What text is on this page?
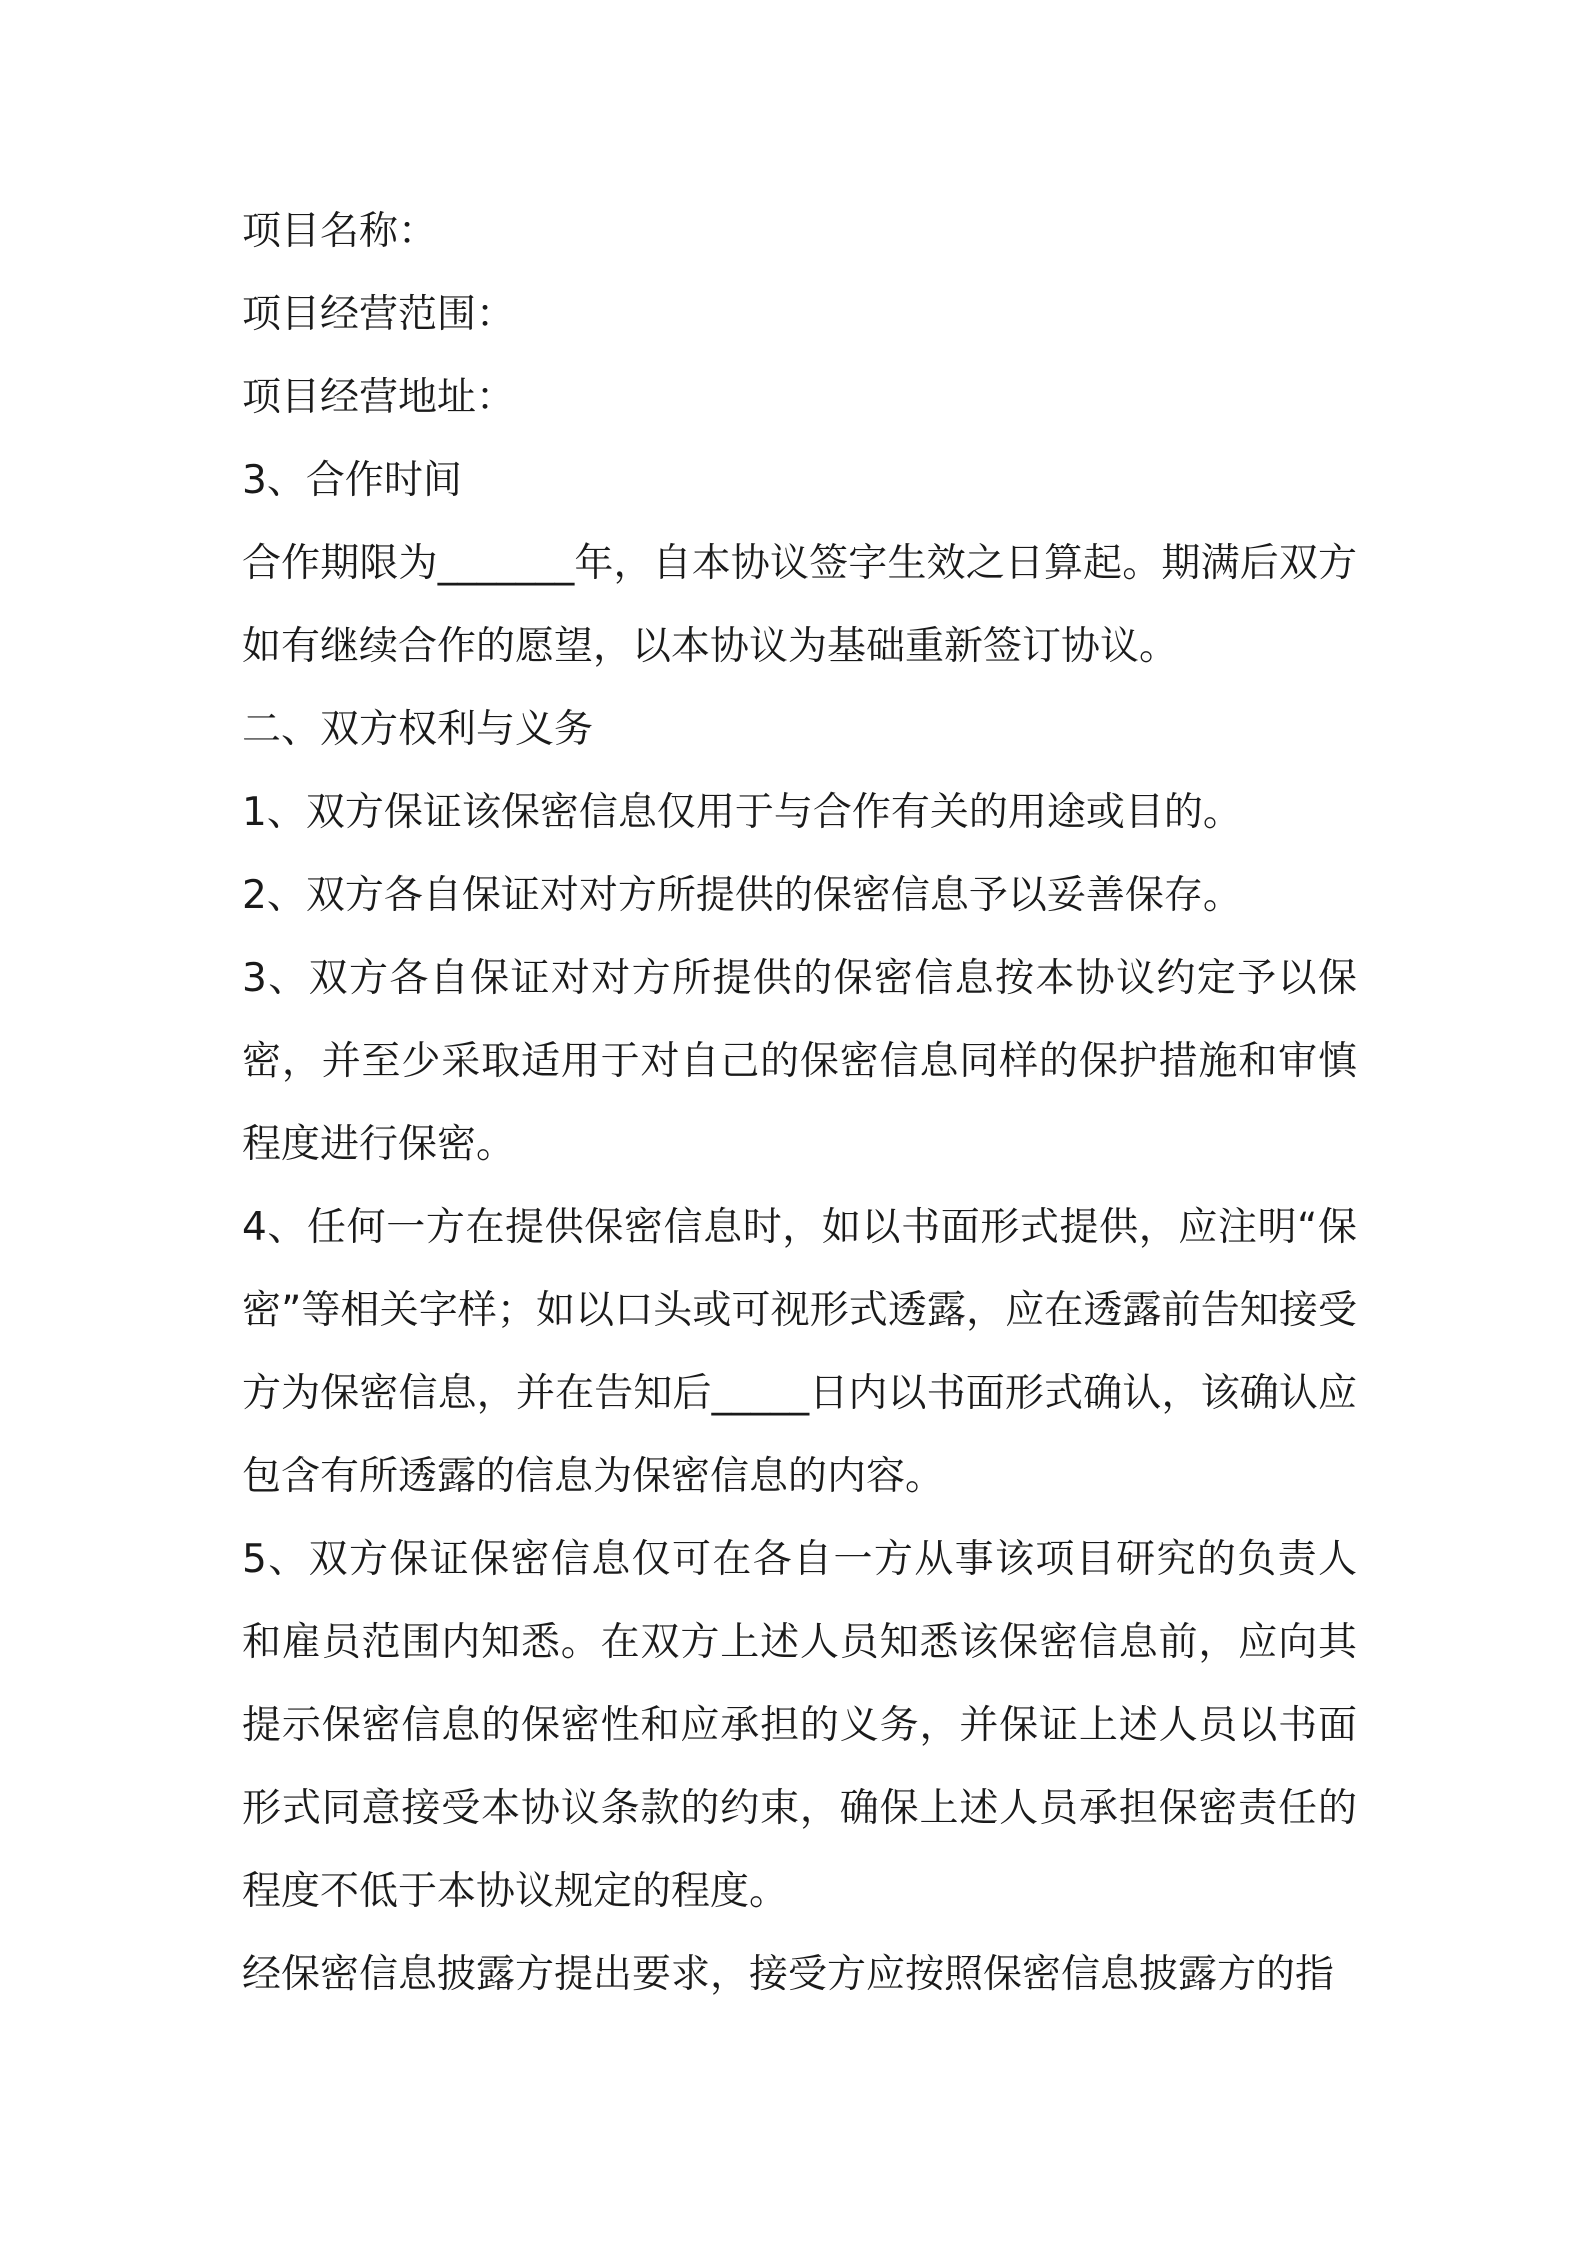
项目名称：

项目经营范围：

项目经营地址：

3、合作时间

合作期限为_______年，自本协议签字生效之日算起。期满后双方如有继续合作的愿望，以本协议为基础重新签订协议。

二、双方权利与义务

1、双方保证该保密信息仅用于与合作有关的用途或目的。

2、双方各自保证对对方所提供的保密信息予以妥善保存。

3、双方各自保证对对方所提供的保密信息按本协议约定予以保密，并至少采取适用于对自己的保密信息同样的保护措施和审慎程度进行保密。

4、任何一方在提供保密信息时，如以书面形式提供，应注明“保密”等相关字样；如以口头或可视形式透露，应在透露前告知接受方为保密信息，并在告知后_____日内以书面形式确认，该确认应包含有所透露的信息为保密信息的内容。

5、双方保证保密信息仅可在各自一方从事该项目研究的负责人和雇员范围内知悉。在双方上述人员知悉该保密信息前，应向其提示保密信息的保密性和应承担的义务，并保证上述人员以书面形式同意接受本协议条款的约束，确保上述人员承担保密责任的程度不低于本协议规定的程度。

经保密信息披露方提出要求，接受方应按照保密信息披露方的指
